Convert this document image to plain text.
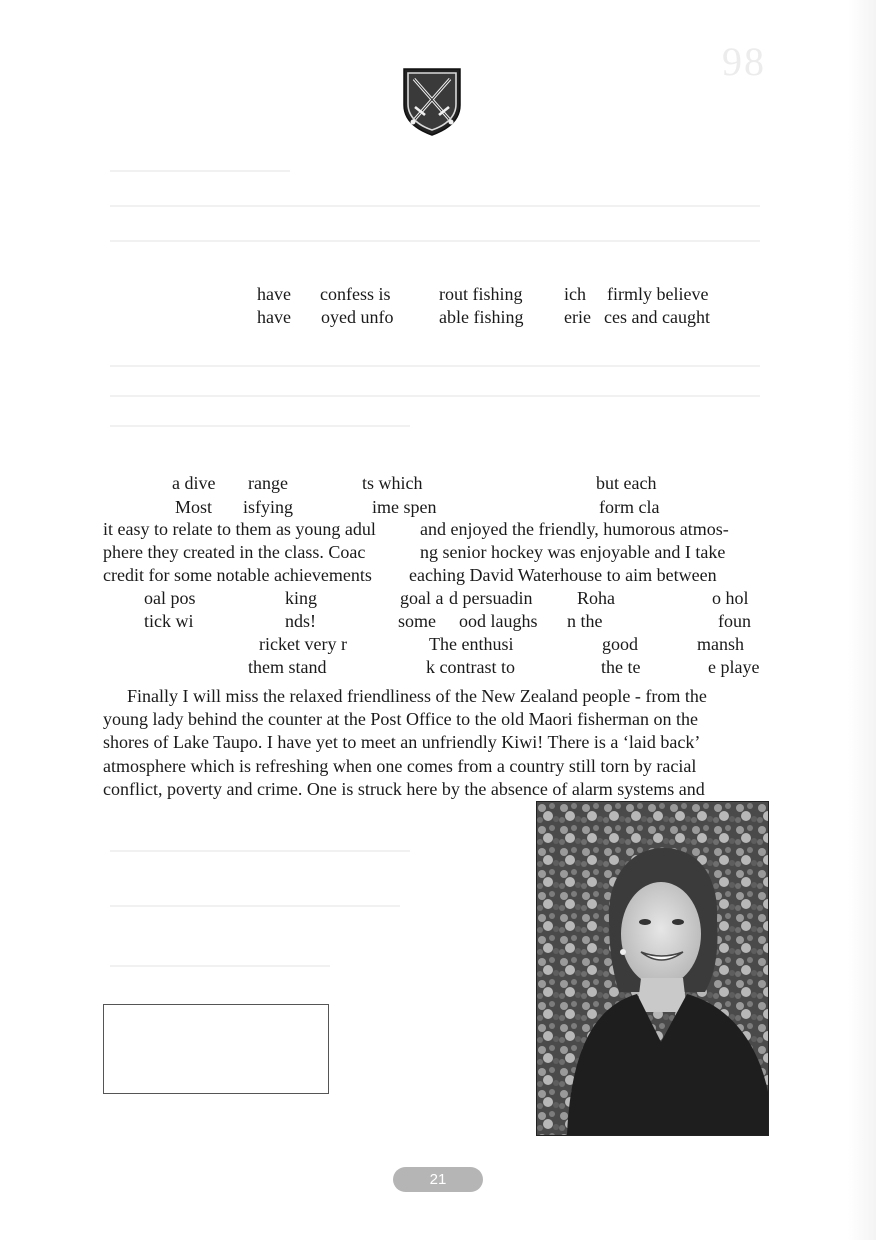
98
have confess is	rout fishing ich firmly believe
have oyed unfo	able fishing erie ces and caught
a dive range	ts which	but each
Most isfying	ime spen	form cla
it easy to relate to them as young adul and enjoyed the friendly, humorous atmos-
phere they created in the class. Coac	ng senior hockey was enjoyable and I take
credit for some notable achievements eaching David Waterhouse to aim between
oal pos	king	goal a d persuadin Roha	o hol
tick wi	nds!	some ood laughs n the	foun
ricket very r	The enthusi	good	mansh
them stand	k contrast to	the te	e playe
Finally I will miss the relaxed friendliness of the New Zealand people - from the
young lady behind the counter at the Post Office to the old Maori fisherman on the
shores of Lake Taupo. I have yet to meet an unfriendly Kiwi! There is a ‘laid back’
atmosphere which is refreshing when one comes from a country still torn by racial
conflict, poverty and crime. One is struck here by the absence of alarm systems and
21
